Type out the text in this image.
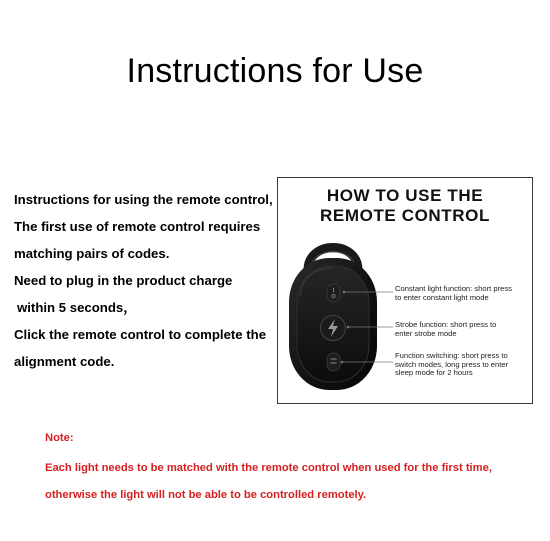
Instructions for Use
Instructions for using the remote control,
The first use of remote control requires
matching pairs of codes.
Need to plug in the product charge
within 5 seconds，
Click the remote control to complete the
alignment code.
HOW TO USE THE
REMOTE CONTROL
Constant light function: short press
to enter constant light mode
Strobe function: short press to
enter strobe mode
Function switching: short press to
switch modes, long press to enter
sleep mode for 2 hours
Note:
Each light needs to be matched with the remote control when used for the first time,
otherwise the light will not be able to be controlled remotely.
